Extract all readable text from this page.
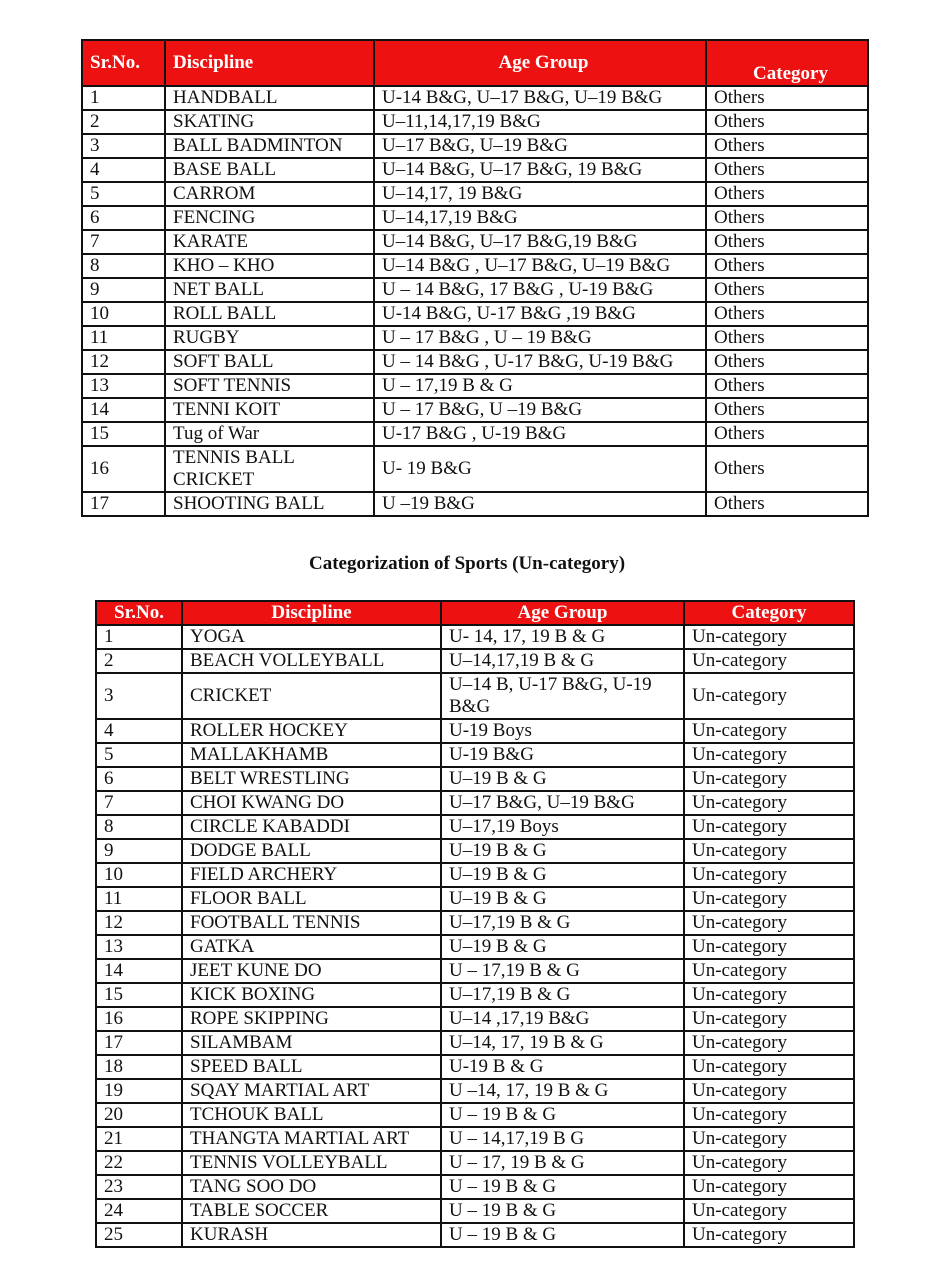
Sr.No.	Discipline	Age Group	Category
1	HANDBALL	U-14 B&G, U–17 B&G, U–19 B&G	Others
2	SKATING	U–11,14,17,19 B&G	Others
3	BALL BADMINTON	U–17 B&G, U–19 B&G	Others
4	BASE BALL	U–14 B&G, U–17 B&G, 19 B&G	Others
5	CARROM	U–14,17, 19 B&G	Others
6	FENCING	U–14,17,19 B&G	Others
7	KARATE	U–14 B&G, U–17 B&G,19 B&G	Others
8	KHO – KHO	U–14 B&G , U–17 B&G, U–19 B&G	Others
9	NET BALL	U – 14 B&G, 17 B&G , U-19 B&G	Others
10	ROLL BALL	U-14 B&G, U-17 B&G ,19 B&G	Others
11	RUGBY	U – 17 B&G , U – 19 B&G	Others
12	SOFT BALL	U – 14 B&G , U-17 B&G, U-19 B&G	Others
13	SOFT TENNIS	U – 17,19 B & G	Others
14	TENNI KOIT	U – 17 B&G, U –19 B&G	Others
15	Tug of War	U-17 B&G , U-19 B&G	Others
16	TENNIS BALL CRICKET	U- 19 B&G	Others
17	SHOOTING BALL	U –19 B&G	Others
Categorization of Sports (Un-category)
Sr.No.	Discipline	Age Group	Category
1	YOGA	U- 14, 17, 19 B & G	Un-category
2	BEACH VOLLEYBALL	U–14,17,19 B & G	Un-category
3	CRICKET	U–14 B, U-17 B&G, U-19 B&G	Un-category
4	ROLLER HOCKEY	U-19 Boys	Un-category
5	MALLAKHAMB	U-19 B&G	Un-category
6	BELT WRESTLING	U–19 B & G	Un-category
7	CHOI KWANG DO	U–17 B&G, U–19 B&G	Un-category
8	CIRCLE KABADDI	U–17,19 Boys	Un-category
9	DODGE BALL	U–19 B & G	Un-category
10	FIELD ARCHERY	U–19 B & G	Un-category
11	FLOOR BALL	U–19 B & G	Un-category
12	FOOTBALL TENNIS	U–17,19 B & G	Un-category
13	GATKA	U–19 B & G	Un-category
14	JEET KUNE DO	U – 17,19 B & G	Un-category
15	KICK BOXING	U–17,19 B & G	Un-category
16	ROPE SKIPPING	U–14 ,17,19 B&G	Un-category
17	SILAMBAM	U–14, 17, 19 B & G	Un-category
18	SPEED BALL	U-19 B & G	Un-category
19	SQAY MARTIAL ART	U –14, 17, 19 B & G	Un-category
20	TCHOUK BALL	U – 19 B & G	Un-category
21	THANGTA MARTIAL ART	U – 14,17,19 B G	Un-category
22	TENNIS VOLLEYBALL	U – 17, 19 B & G	Un-category
23	TANG SOO DO	U – 19 B & G	Un-category
24	TABLE SOCCER	U – 19 B & G	Un-category
25	KURASH	U – 19 B & G	Un-category
